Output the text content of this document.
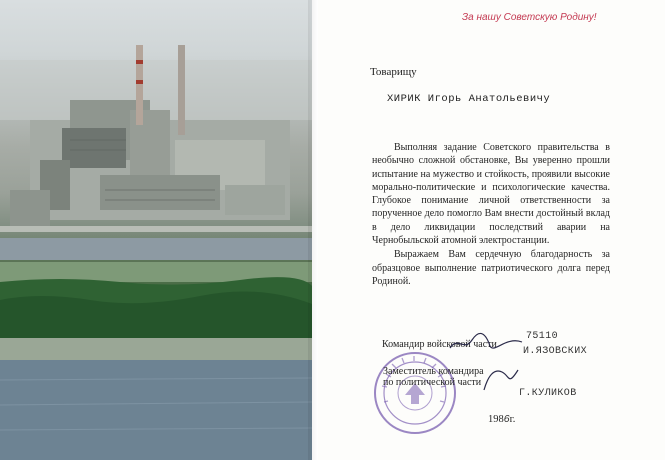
За нашу Советскую Родину!
Товарищу
ХИРИК Игорь Анатольевичу

Выполняя задание Советского правительства в необычно сложной обстановке, Вы уверенно прошли испытание на мужество и стойкость, проявили высокие морально-политические и психологические качества. Глубокое понимание личной ответственности за порученное дело помогло Вам внести достойный вклад в дело ликвидации последствий аварии на Чернобыльской атомной электростанции.

Выражаем Вам сердечную благодарность за образцовое выполнение патриотического долга перед Родиной.

Командир войсковой части
75110
И.ЯЗОВСКИХ
Заместитель командира
по политической части
Г.КУЛИКОВ
1986г.
